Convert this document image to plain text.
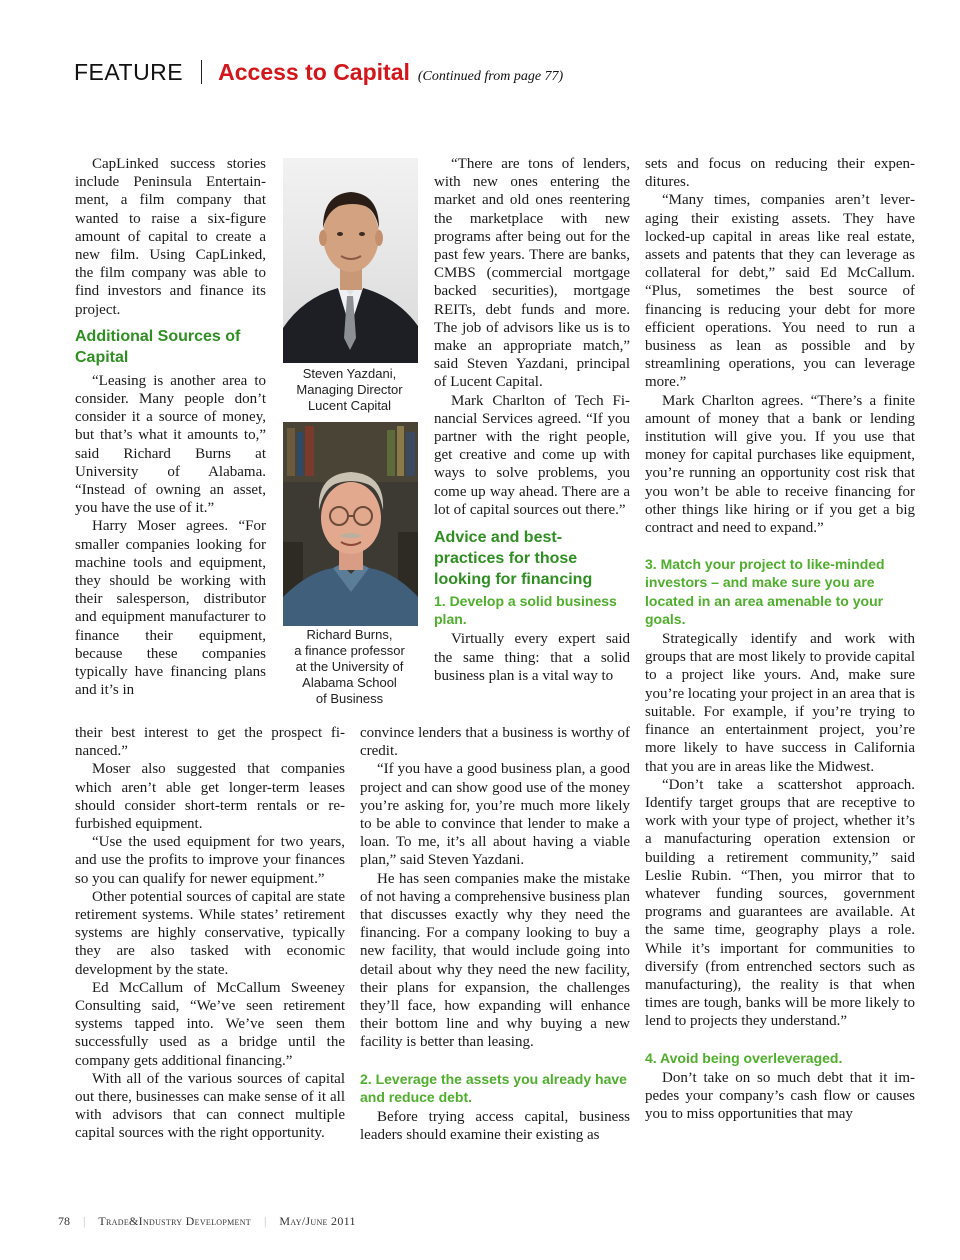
FEATURE Access to Capital (Continued from page 77)

CapLinked success stories include Peninsula Entertainment, a film company that wanted to raise a six-figure amount of capital to create a new film. Using CapLinked, the film company was able to find investors and finance its project.

Additional Sources of Capital

“Leasing is another area to consider. Many people don’t consider it a source of money, but that’s what it amounts to,” said Richard Burns at University of Alabama. “Instead of owning an asset, you have the use of it.”

Harry Moser agrees. “For smaller companies looking for machine tools and equipment, they should be working with their salesperson, distributor and equipment manufacturer to finance their equipment, because these companies typically have financing plans and it’s in

Steven Yazdani,
Managing Director
Lucent Capital
Richard Burns,
a finance professor
at the University of
Alabama School
of Business

their best interest to get the prospect financed.”

Moser also suggested that companies which aren’t able get longer-term leases should consider short-term rentals or refurbished equipment.

“Use the used equipment for two years, and use the profits to improve your finances so you can qualify for newer equipment.”

Other potential sources of capital are state retirement systems. While states’ retirement systems are highly conservative, typically they are also tasked with economic development by the state.

Ed McCallum of McCallum Sweeney Consulting said, “We’ve seen retirement systems tapped into. We’ve seen them successfully used as a bridge until the company gets additional financing.”

With all of the various sources of capital out there, businesses can make sense of it all with advisors that can connect multiple capital sources with the right opportunity.

“There are tons of lenders, with new ones entering the market and old ones reentering the marketplace with new programs after being out for the past few years. There are banks, CMBS (commercial mortgage backed securities), mortgage REITs, debt funds and more. The job of advisors like us is to make an appropriate match,” said Steven Yazdani, principal of Lucent Capital.

Mark Charlton of Tech Financial Services agreed. “If you partner with the right people, get creative and come up with ways to solve problems, you come up way ahead. There are a lot of capital sources out there.”

Advice and best-practices for those looking for financing
1. Develop a solid business plan.

Virtually every expert said the same thing: that a solid business plan is a vital way to

convince lenders that a business is worthy of credit.

“If you have a good business plan, a good project and can show good use of the money you’re asking for, you’re much more likely to be able to convince that lender to make a loan. To me, it’s all about having a viable plan,” said Steven Yazdani.

He has seen companies make the mistake of not having a comprehensive business plan that discusses exactly why they need the financing. For a company looking to buy a new facility, that would include going into detail about why they need the new facility, their plans for expansion, the challenges they’ll face, how expanding will enhance their bottom line and why buying a new facility is better than leasing.

2. Leverage the assets you already have and reduce debt.

Before trying access capital, business leaders should examine their existing as

sets and focus on reducing their expenditures.

“Many times, companies aren’t leveraging their existing assets. They have locked-up capital in areas like real estate, assets and patents that they can leverage as collateral for debt,” said Ed McCallum. “Plus, sometimes the best source of financing is reducing your debt for more efficient operations. You need to run a business as lean as possible and by streamlining operations, you can leverage more.”

Mark Charlton agrees. “There’s a finite amount of money that a bank or lending institution will give you. If you use that money for capital purchases like equipment, you’re running an opportunity cost risk that you won’t be able to receive financing for other things like hiring or if you get a big contract and need to expand.”

3. Match your project to like-minded investors – and make sure you are located in an area amenable to your goals.

Strategically identify and work with groups that are most likely to provide capital to a project like yours. And, make sure you’re locating your project in an area that is suitable. For example, if you’re trying to finance an entertainment project, you’re more likely to have success in California that you are in areas like the Midwest.

“Don’t take a scattershot approach. Identify target groups that are receptive to work with your type of project, whether it’s a manufacturing operation extension or building a retirement community,” said Leslie Rubin. “Then, you mirror that to whatever funding sources, government programs and guarantees are available. At the same time, geography plays a role. While it’s important for communities to diversify (from entrenched sectors such as manufacturing), the reality is that when times are tough, banks will be more likely to lend to projects they understand.”

4. Avoid being overleveraged.

Don’t take on so much debt that it impedes your company’s cash flow or causes you to miss opportunities that may

78 | Trade&Industry Development | May/June 2011
